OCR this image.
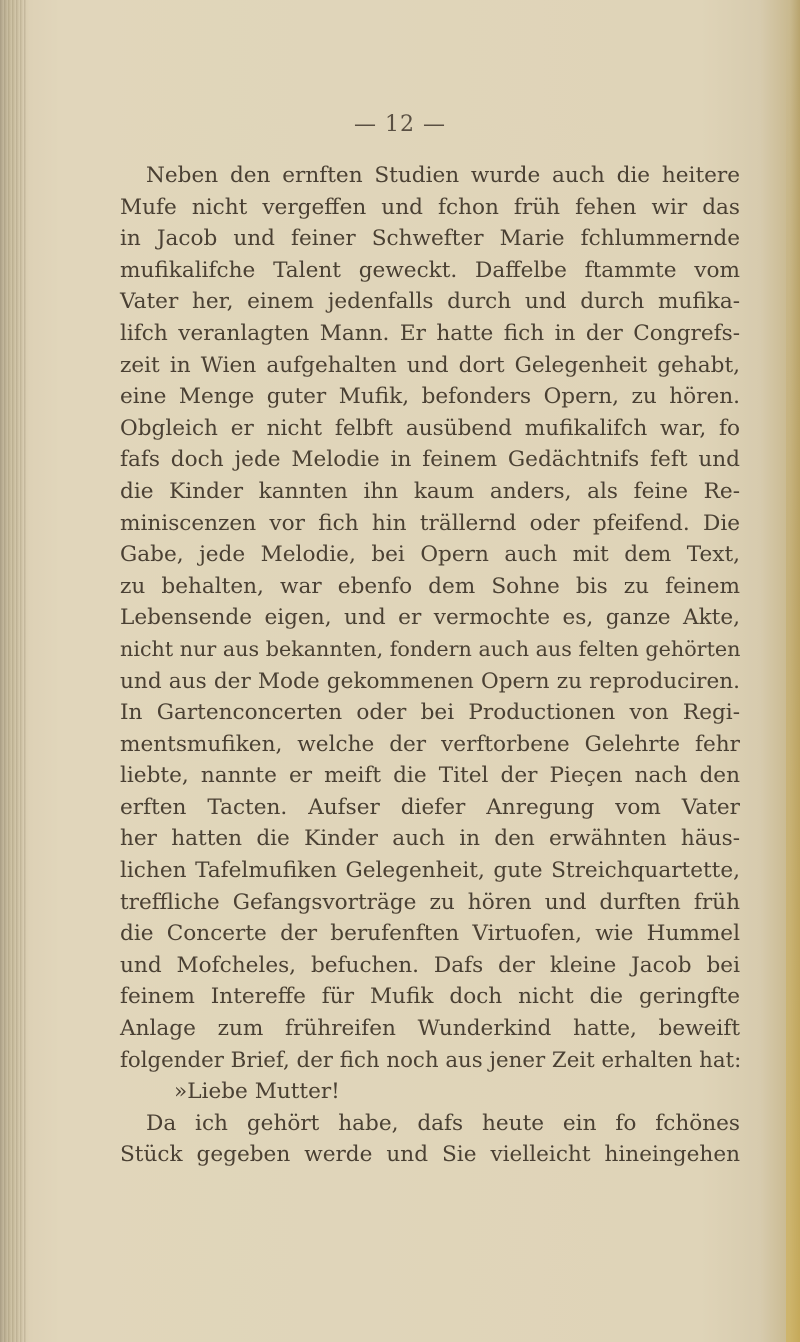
— 12 —
Neben den ernften Studien wurde auch die heitere
Mufe nicht vergeffen und fchon früh fehen wir das
in Jacob und feiner Schwefter Marie fchlummernde
mufikalifche Talent geweckt. Daffelbe ftammte vom
Vater her, einem jedenfalls durch und durch mufika-
lifch veranlagten Mann. Er hatte fich in der Congrefs-
zeit in Wien aufgehalten und dort Gelegenheit gehabt,
eine Menge guter Mufik, befonders Opern, zu hören.
Obgleich er nicht felbft ausübend mufikalifch war, fo
fafs doch jede Melodie in feinem Gedächtnifs feft und
die Kinder kannten ihn kaum anders, als feine Re-
miniscenzen vor fich hin trällernd oder pfeifend. Die
Gabe, jede Melodie, bei Opern auch mit dem Text,
zu behalten, war ebenfo dem Sohne bis zu feinem
Lebensende eigen, und er vermochte es, ganze Akte,
nicht nur aus bekannten, fondern auch aus felten gehörten
und aus der Mode gekommenen Opern zu reproduciren.
In Gartenconcerten oder bei Productionen von Regi-
mentsmufiken, welche der verftorbene Gelehrte fehr
liebte, nannte er meift die Titel der Pieçen nach den
erften Tacten. Aufser diefer Anregung vom Vater
her hatten die Kinder auch in den erwähnten häus-
lichen Tafelmufiken Gelegenheit, gute Streichquartette,
treffliche Gefangsvorträge zu hören und durften früh
die Concerte der berufenften Virtuofen, wie Hummel
und Mofcheles, befuchen. Dafs der kleine Jacob bei
feinem Intereffe für Mufik doch nicht die geringfte
Anlage zum frühreifen Wunderkind hatte, beweift
folgender Brief, der fich noch aus jener Zeit erhalten hat:
»Liebe Mutter!
Da ich gehört habe, dafs heute ein fo fchönes
Stück gegeben werde und Sie vielleicht hineingehen
